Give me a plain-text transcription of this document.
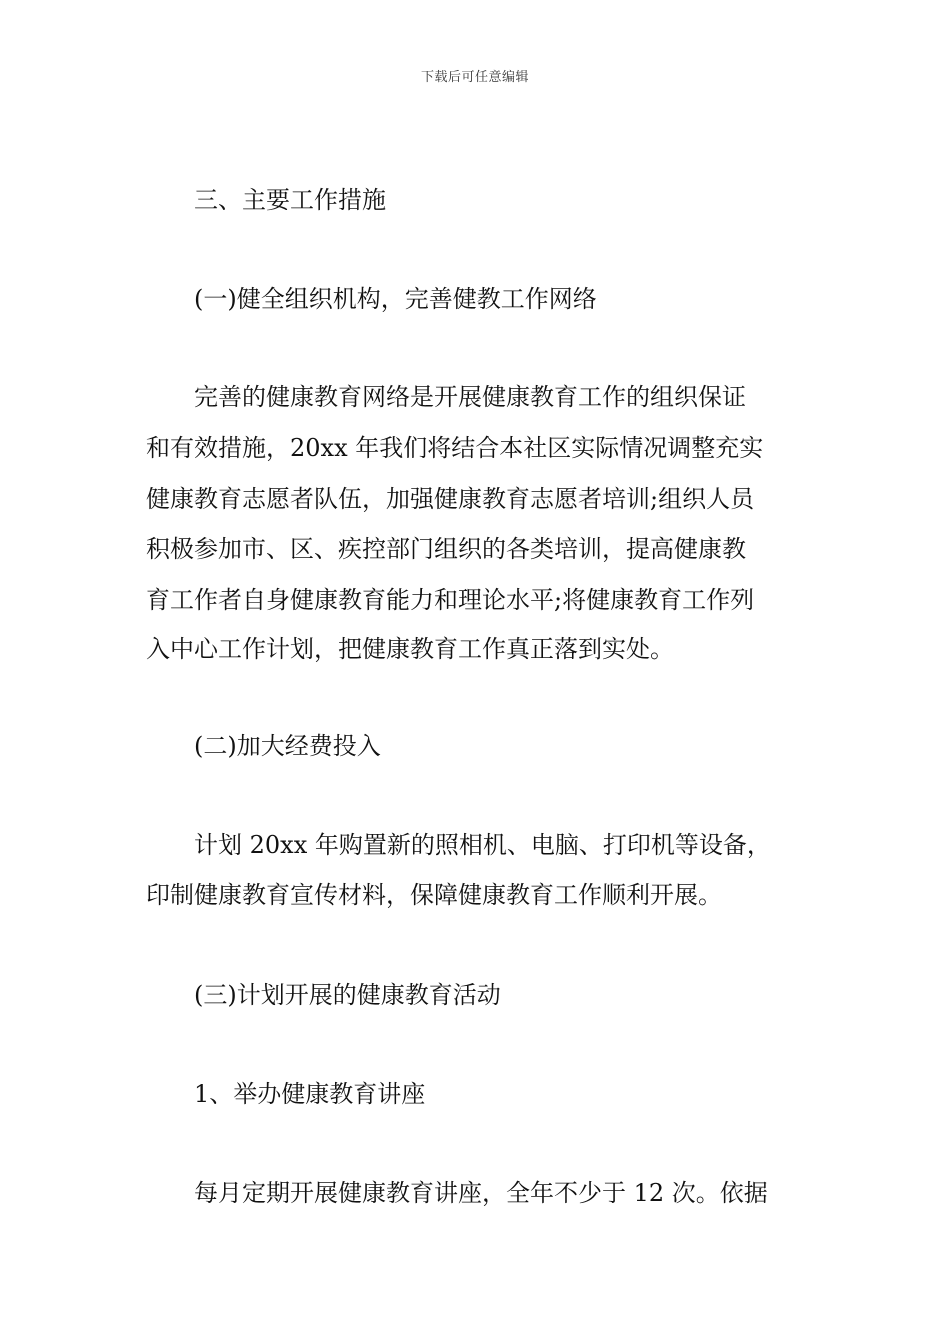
下载后可任意编辑
三、主要工作措施
(一)健全组织机构，完善健教工作网络
完善的健康教育网络是开展健康教育工作的组织保证
和有效措施，20xx 年我们将结合本社区实际情况调整充实
健康教育志愿者队伍，加强健康教育志愿者培训;组织人员
积极参加市、区、疾控部门组织的各类培训，提高健康教
育工作者自身健康教育能力和理论水平;将健康教育工作列
入中心工作计划，把健康教育工作真正落到实处。
(二)加大经费投入
计划 20xx 年购置新的照相机、电脑、打印机等设备，
印制健康教育宣传材料，保障健康教育工作顺利开展。
(三)计划开展的健康教育活动
1、举办健康教育讲座
每月定期开展健康教育讲座，全年不少于 12 次。依据
